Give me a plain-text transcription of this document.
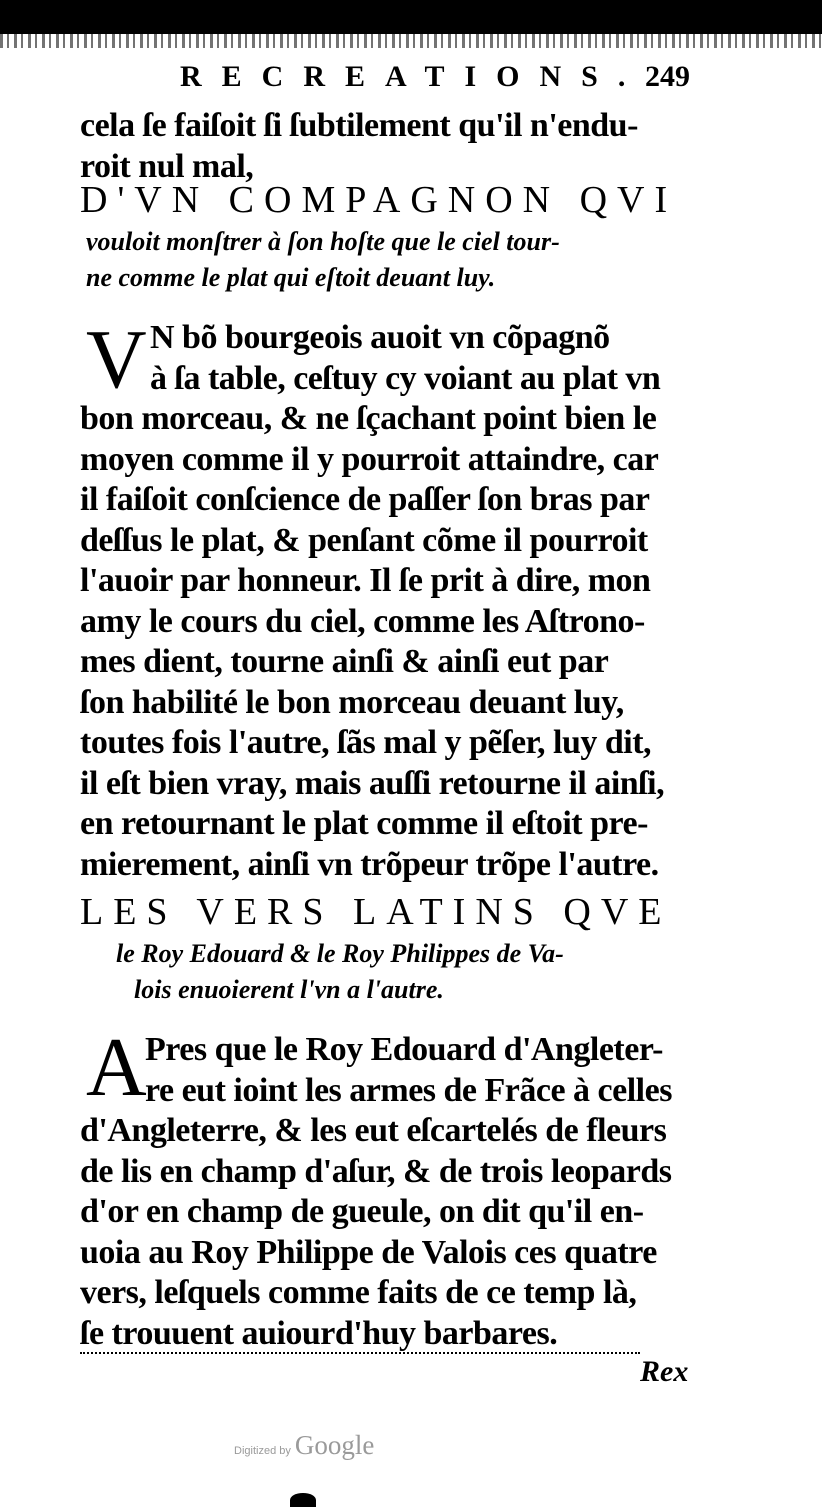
RECREATIONS. 249
cela ſe faiſoit ſi ſubtilement qu'il n'endu-
roit nul mal,
D'VN COMPAGNON QVI
vouloit monſtrer à ſon hoſte que le ciel tour-
ne comme le plat qui eſtoit deuant luy.
V N bõ bourgeois auoit vn cõpagnõ
à ſa table, ceſtuy cy voiant au plat vn
bon morceau, & ne ſçachant point bien le
moyen comme il y pourroit attaindre, car
il faiſoit conſcience de paſſer ſon bras par
deſſus le plat, & penſant cõme il pourroit
l'auoir par honneur. Il ſe prit à dire, mon
amy le cours du ciel, comme les Aſtrono-
mes dient, tourne ainſi & ainſi eut par
ſon habilité le bon morceau deuant luy,
toutes fois l'autre, ſãs mal y pẽſer, luy dit,
il eſt bien vray, mais auſſi retourne il ainſi,
en retournant le plat comme il eſtoit pre-
mierement, ainſi vn trõpeur trõpe l'autre.
LES VERS LATINS QVE
le Roy Edouard & le Roy Philippes de Va-
lois enuoierent l'vn a l'autre.
A
Pres que le Roy Edouard d'Angleter-
re eut ioint les armes de Frãce à celles
d'Angleterre, & les eut eſcartelés de fleurs
de lis en champ d'aſur, & de trois leopards
d'or en champ de gueule, on dit qu'il en-
uoia au Roy Philippe de Valois ces quatre
vers, leſquels comme faits de ce temp là,
ſe trouuent auiourd'huy barbares.
Rex
Digitized by Google
